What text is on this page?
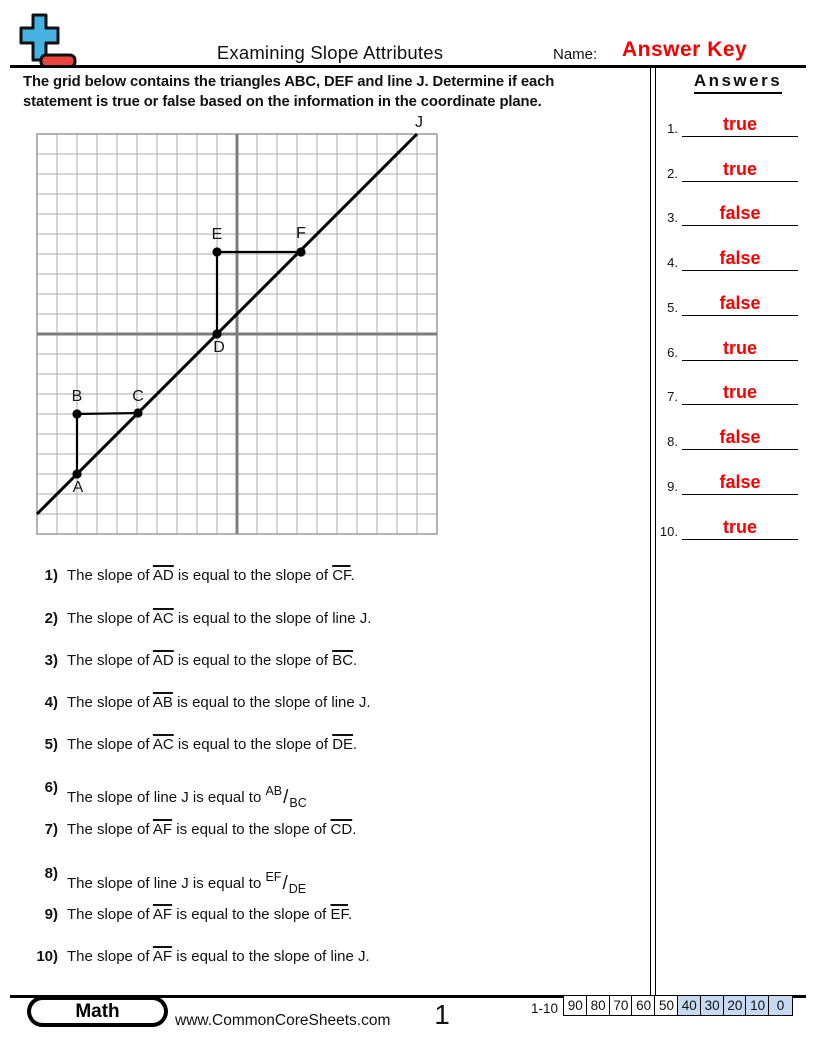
Examining Slope Attributes	Name: Answer Key
The grid below contains the triangles ABC, DEF and line J. Determine if each
statement is true or false based on the information in the coordinate plane.
A
B	C
D
E	F
J
1) The slope of $\overline{AD}$ is equal to the slope of $\overline{CF}$.
2) The slope of $\overline{AC}$ is equal to the slope of line J.
3) The slope of $\overline{AD}$ is equal to the slope of $\overline{BC}$.
4) The slope of $\overline{AB}$ is equal to the slope of line J.
5) The slope of $\overline{AC}$ is equal to the slope of $\overline{DE}$.
6)
The slope of line J is equal to $^{AB}/_{BC}$
7) The slope of $\overline{AF}$ is equal to the slope of $\overline{CD}$.
8)
The slope of line J is equal to $^{EF}/_{DE}$
9) The slope of $\overline{AF}$ is equal to the slope of $\overline{EF}$.
10) The slope of $\overline{AF}$ is equal to the slope of line J.
Answers
1.	true
2.	true
3.	false
4.	false
5.	false
6.	true
7.	true
8.	false
9.	false
10.	true
Math	www.CommonCoreSheets.com	1	1-10 90 80 70 60 50 40 30 20 10 0
